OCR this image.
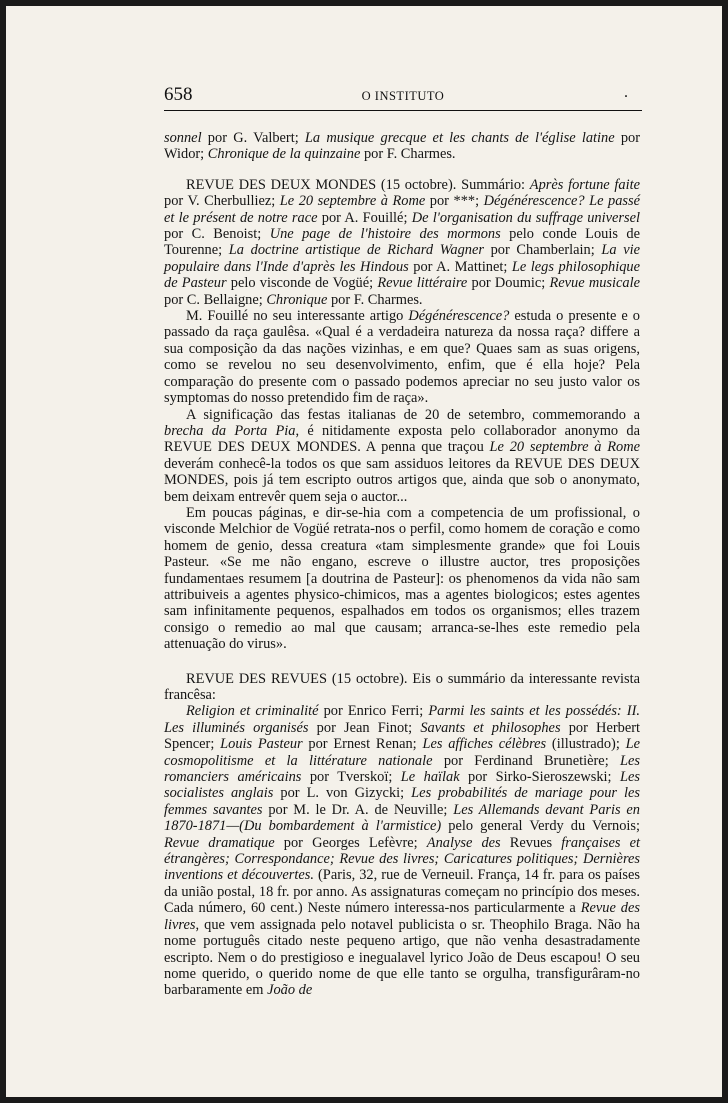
658	O INSTITUTO	.

sonnel por G. Valbert; La musique grecque et les chants de l'église latine por Widor; Chronique de la quinzaine por F. Charmes.

REVUE DES DEUX MONDES (15 octobre). Summário: Après fortune faite por V. Cherbulliez; Le 20 septembre à Rome por ***; Dégénérescence? Le passé et le présent de notre race por A. Fouillé; De l'organisation du suffrage universel por C. Benoist; Une page de l'histoire des mormons pelo conde Louis de Tourenne; La doctrine artistique de Richard Wagner por Chamberlain; La vie populaire dans l'Inde d'après les Hindous por A. Mattinet; Le legs philosophique de Pasteur pelo visconde de Vogüé; Revue littéraire por Doumic; Revue musicale por C. Bellaigne; Chronique por F. Charmes.

M. Fouillé no seu interessante artigo Dégénérescence? estuda o presente e o passado da raça gaulêsa. «Qual é a verdadeira natureza da nossa raça? differe a sua composição da das nações vizinhas, e em que? Quaes sam as suas origens, como se revelou no seu desenvolvimento, enfim, que é ella hoje? Pela comparação do presente com o passado podemos apreciar no seu justo valor os symptomas do nosso pretendido fim de raça».

A significação das festas italianas de 20 de setembro, commemorando a brecha da Porta Pia, é nitidamente exposta pelo collaborador anonymo da REVUE DES DEUX MONDES. A penna que traçou Le 20 septembre à Rome deverám conhecê-la todos os que sam assiduos leitores da REVUE DES DEUX MONDES, pois já tem escripto outros artigos que, ainda que sob o anonymato, bem deixam entrevêr quem seja o auctor...

Em poucas páginas, e dir-se-hia com a competencia de um profissional, o visconde Melchior de Vogüé retrata-nos o perfil, como homem de coração e como homem de genio, dessa creatura «tam simplesmente grande» que foi Louis Pasteur. «Se me não engano, escreve o illustre auctor, tres proposições fundamentaes resumem [a doutrina de Pasteur]: os phenomenos da vida não sam attribuiveis a agentes physico-chimicos, mas a agentes biologicos; estes agentes sam infinitamente pequenos, espalhados em todos os organismos; elles trazem consigo o remedio ao mal que causam; arranca-se-lhes este remedio pela attenuação do virus».

REVUE DES REVUES (15 octobre). Eis o summário da interessante revista francêsa:

Religion et criminalité por Enrico Ferri; Parmi les saints et les possédés: II. Les illuminés organisés por Jean Finot; Savants et philosophes por Herbert Spencer; Louis Pasteur por Ernest Renan; Les affiches célèbres (illustrado); Le cosmopolitisme et la littérature nationale por Ferdinand Brunetière; Les romanciers américains por Tverskoï; Le haïlak por Sirko-Sieroszewski; Les socialistes anglais por L. von Gizycki; Les probabilités de mariage pour les femmes savantes por M. le Dr. A. de Neuville; Les Allemands devant Paris en 1870-1871—(Du bombardement à l'armistice) pelo general Verdy du Vernois; Revue dramatique por Georges Lefèvre; Analyse des Revues françaises et étrangères; Correspondance; Revue des livres; Caricatures politiques; Dernières inventions et découvertes. (Paris, 32, rue de Verneuil. França, 14 fr. para os países da união postal, 18 fr. por anno. As assignaturas começam no princípio dos meses. Cada número, 60 cent.) Neste número interessa-nos particularmente a Revue des livres, que vem assignada pelo notavel publicista o sr. Theophilo Braga. Não ha nome português citado neste pequeno artigo, que não venha desastradamente escripto. Nem o do prestigioso e inegualavel lyrico João de Deus escapou! O seu nome querido, o querido nome de que elle tanto se orgulha, transfigurâram-no barbaramente em João de
